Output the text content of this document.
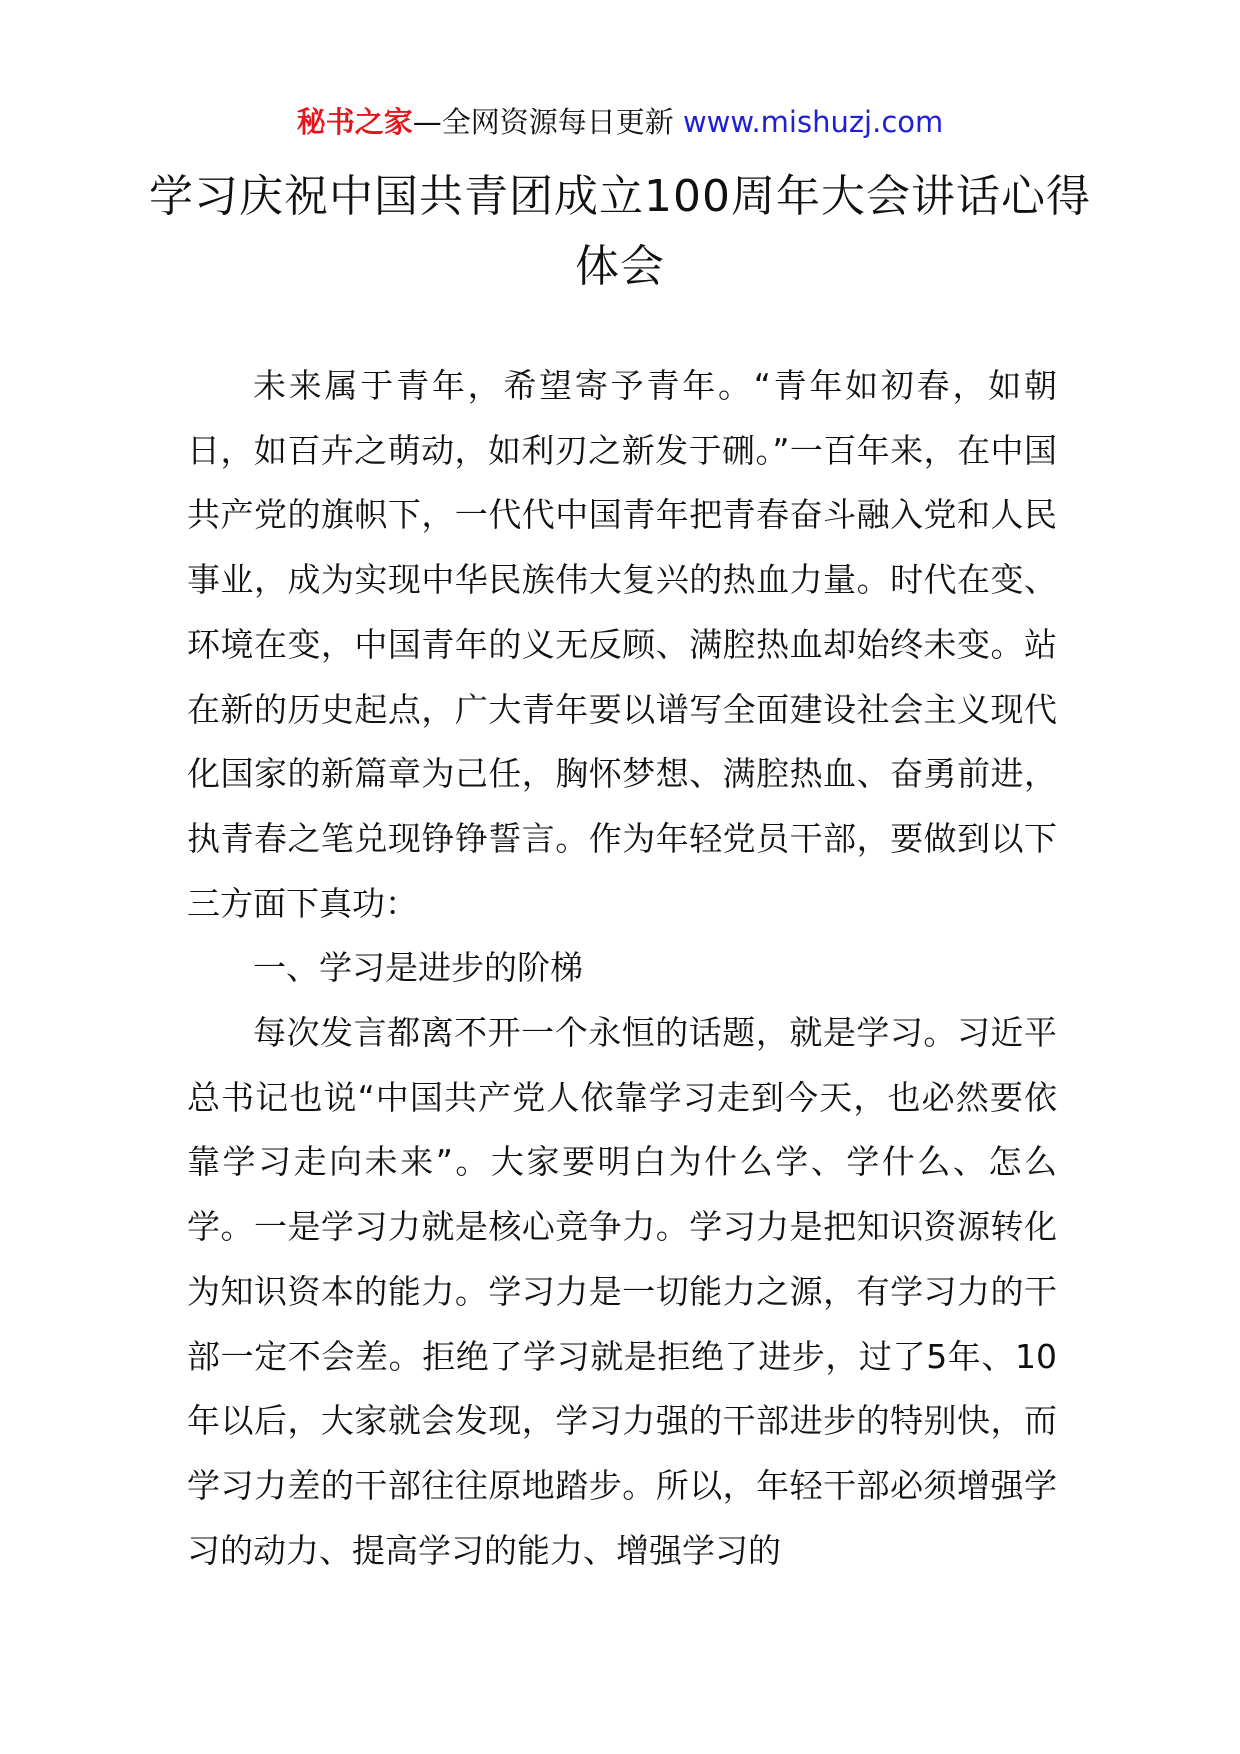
秘书之家—全网资源每日更新 www.mishuzj.com
学习庆祝中国共青团成立100周年大会讲话心得体会

未来属于青年，希望寄予青年。“青年如初春，如朝日，如百卉之萌动，如利刃之新发于硎。”一百年来，在中国共产党的旗帜下，一代代中国青年把青春奋斗融入党和人民事业，成为实现中华民族伟大复兴的热血力量。时代在变、环境在变，中国青年的义无反顾、满腔热血却始终未变。站在新的历史起点，广大青年要以谱写全面建设社会主义现代化国家的新篇章为己任，胸怀梦想、满腔热血、奋勇前进，执青春之笔兑现铮铮誓言。作为年轻党员干部，要做到以下三方面下真功：

一、学习是进步的阶梯

每次发言都离不开一个永恒的话题，就是学习。习近平总书记也说“中国共产党人依靠学习走到今天，也必然要依靠学习走向未来”。大家要明白为什么学、学什么、怎么学。一是学习力就是核心竞争力。学习力是把知识资源转化为知识资本的能力。学习力是一切能力之源，有学习力的干部一定不会差。拒绝了学习就是拒绝了进步，过了5年、10年以后，大家就会发现，学习力强的干部进步的特别快，而学习力差的干部往往原地踏步。所以，年轻干部必须增强学习的动力、提高学习的能力、增强学习的
